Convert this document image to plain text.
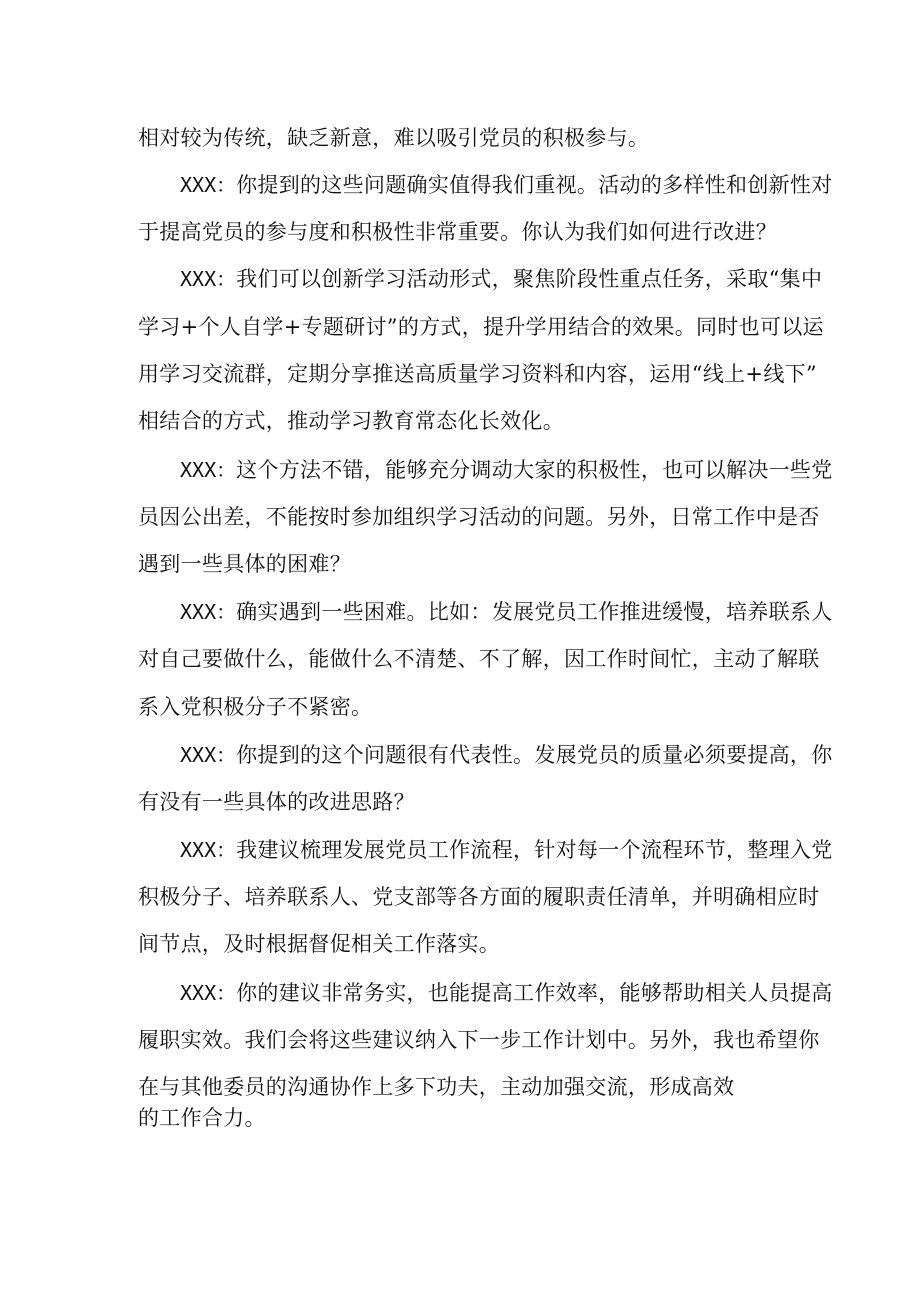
相对较为传统，缺乏新意，难以吸引党员的积极参与。
XXX：你提到的这些问题确实值得我们重视。活动的多样性和创新性对
于提高党员的参与度和积极性非常重要。你认为我们如何进行改进？
XXX：我们可以创新学习活动形式，聚焦阶段性重点任务，采取“集中
学习+个人自学+专题研讨”的方式，提升学用结合的效果。同时也可以运
用学习交流群，定期分享推送高质量学习资料和内容，运用“线上+线下”
相结合的方式，推动学习教育常态化长效化。
XXX：这个方法不错，能够充分调动大家的积极性，也可以解决一些党
员因公出差，不能按时参加组织学习活动的问题。另外，日常工作中是否
遇到一些具体的困难？
XXX：确实遇到一些困难。比如：发展党员工作推进缓慢，培养联系人
对自己要做什么，能做什么不清楚、不了解，因工作时间忙，主动了解联
系入党积极分子不紧密。
XXX：你提到的这个问题很有代表性。发展党员的质量必须要提高，你
有没有一些具体的改进思路？
XXX：我建议梳理发展党员工作流程，针对每一个流程环节，整理入党
积极分子、培养联系人、党支部等各方面的履职责任清单，并明确相应时
间节点，及时根据督促相关工作落实。
XXX：你的建议非常务实，也能提高工作效率，能够帮助相关人员提高
履职实效。我们会将这些建议纳入下一步工作计划中。另外，我也希望你
在与其他委员的沟通协作上多下功夫，主动加强交流，形成高效
的工作合力。
